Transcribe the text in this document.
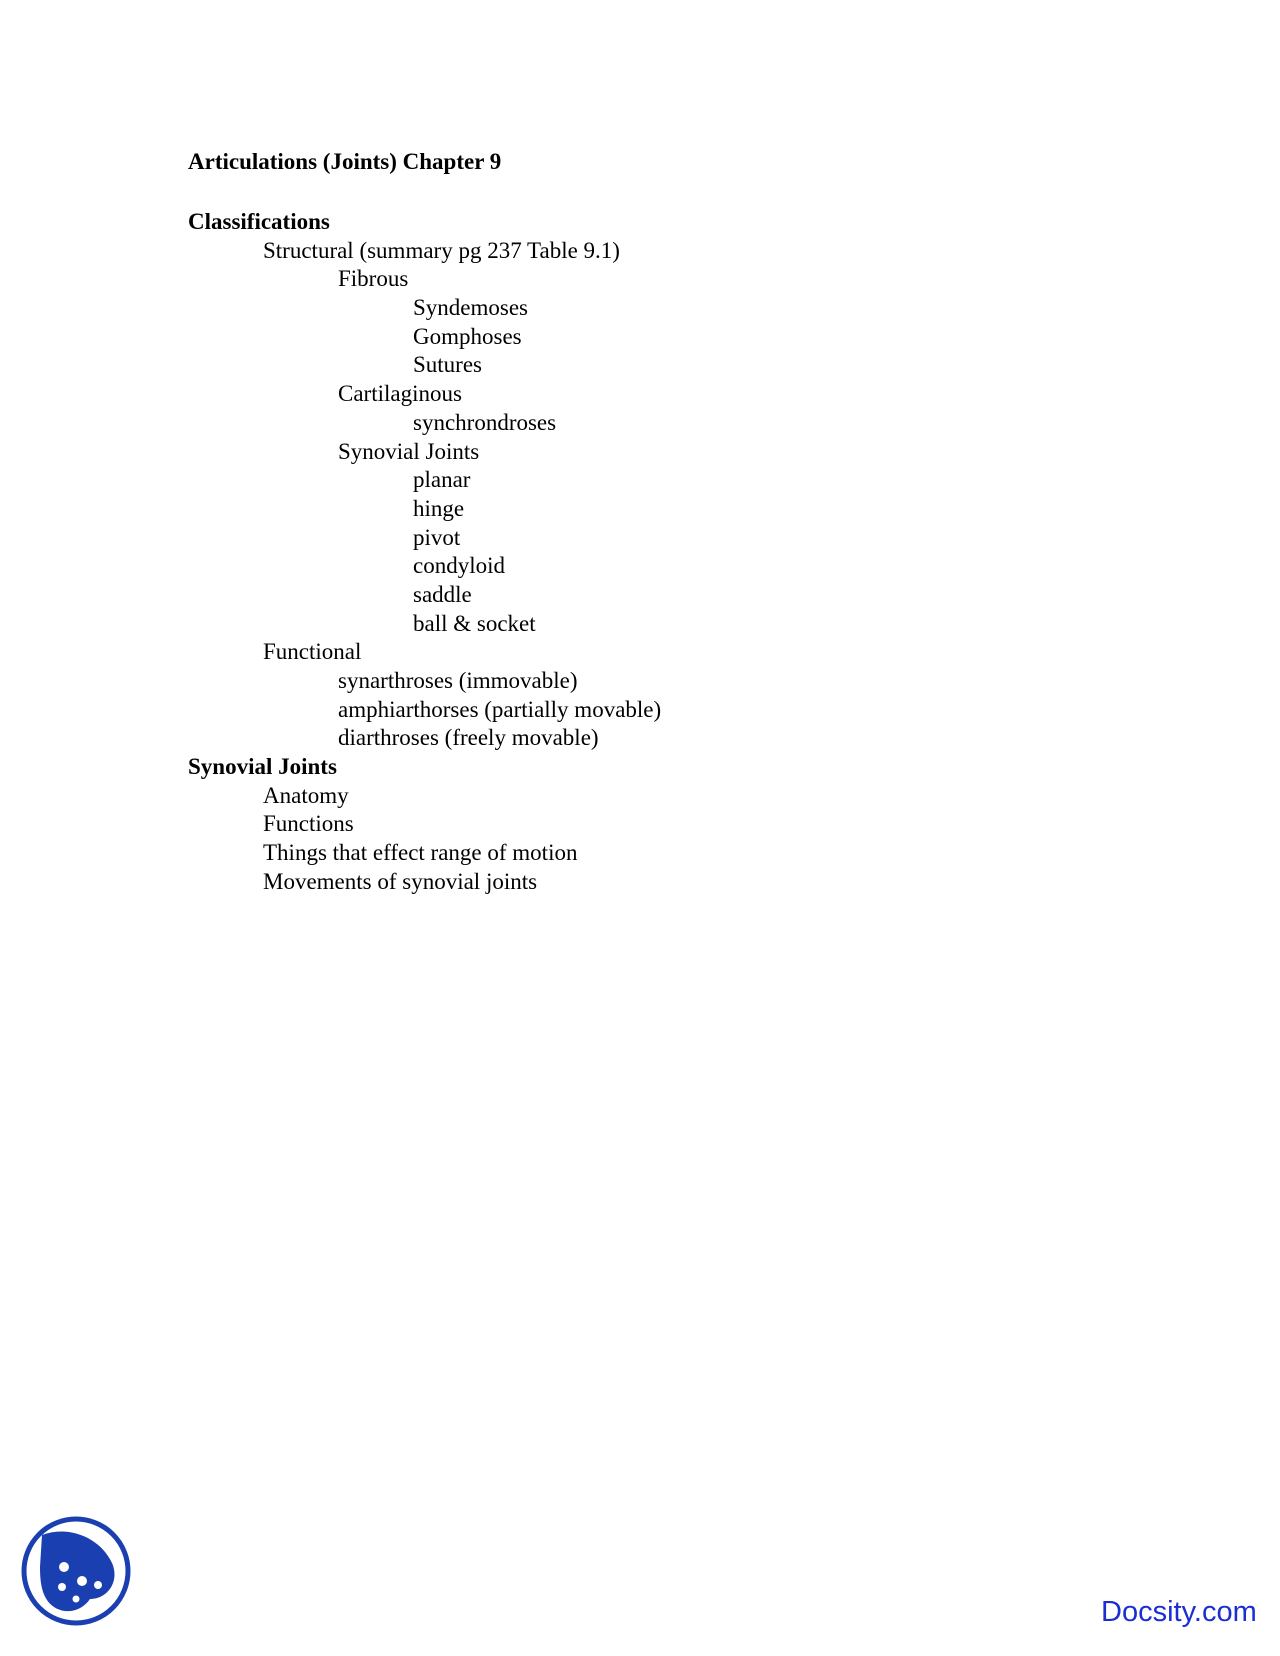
Articulations (Joints) Chapter 9
Classifications
Structural (summary pg 237 Table 9.1)
Fibrous
Syndemoses
Gomphoses
Sutures
Cartilaginous
synchrondroses
Synovial Joints
planar
hinge
pivot
condyloid
saddle
ball & socket
Functional
synarthroses (immovable)
amphiarthorses (partially movable)
diarthroses (freely movable)
Synovial Joints
Anatomy
Functions
Things that effect range of motion
Movements of synovial joints
Docsity.com
